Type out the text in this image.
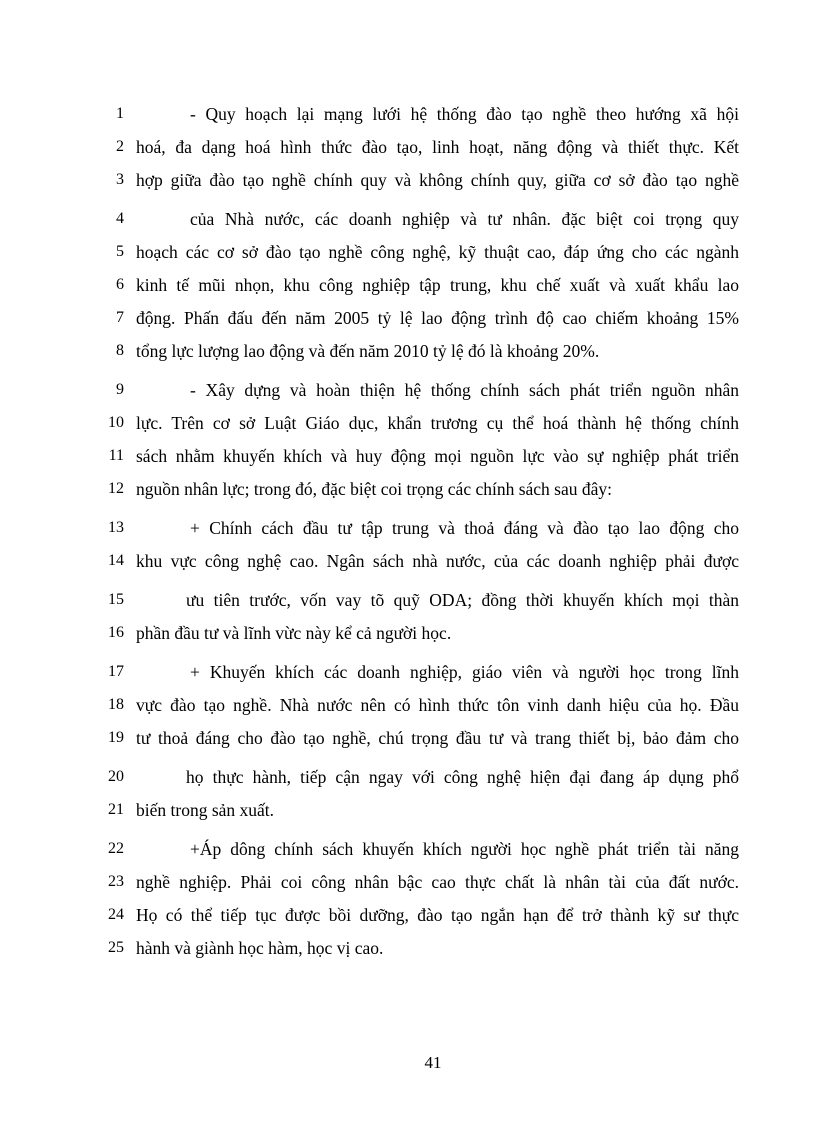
1	- Quy hoạch lại mạng lưới hệ thống đào tạo nghề theo hướng xã hội
2 hoá, đa dạng hoá hình thức đào tạo, linh hoạt, năng động và thiết thực. Kết
3 hợp giữa đào tạo nghề chính quy và không chính quy, giữa cơ sở đào tạo nghề
4	của Nhà nước, các doanh nghiệp và tư nhân. đặc biệt coi trọng quy
5 hoạch các cơ sở đào tạo nghề công nghệ, kỹ thuật cao, đáp ứng cho các ngành
6 kinh tế mũi nhọn, khu công nghiệp tập trung, khu chế xuất và xuất khẩu lao
7 động. Phấn đấu đến năm 2005 tỷ lệ lao động trình độ cao chiếm khoảng 15%
8 tổng lực lượng lao động và đến năm 2010 tỷ lệ đó là khoảng 20%.
9	- Xây dựng và hoàn thiện hệ thống chính sách phát triển nguồn nhân
10 lực. Trên cơ sở Luật Giáo dục, khẩn trương cụ thể hoá thành hệ thống chính
11 sách nhằm khuyến khích và huy động mọi nguồn lực vào sự nghiệp phát triển
12 nguồn nhân lực; trong đó, đặc biệt coi trọng các chính sách sau đây:
13	+ Chính cách đầu tư tập trung và thoả đáng và đào tạo lao động cho
14 khu vực công nghệ cao. Ngân sách nhà nước, của các doanh nghiệp phải được
15	ưu tiên trước, vốn vay tõ quỹ ODA; đồng thời khuyến khích mọi thàn
16 phần đầu tư và lĩnh vừc này kể cả người học.
17	+ Khuyến khích các doanh nghiệp, giáo viên và người học trong lĩnh
18 vực đào tạo nghề. Nhà nước nên có hình thức tôn vinh danh hiệu của họ. Đầu
19 tư thoả đáng cho đào tạo nghề, chú trọng đầu tư và trang thiết bị, bảo đảm cho
20	họ thực hành, tiếp cận ngay với công nghệ hiện đại đang áp dụng phổ
21 biến trong sản xuất.
22	+Áp dông chính sách khuyến khích người học nghề phát triển tài năng
23 nghề nghiệp. Phải coi công nhân bậc cao thực chất là nhân tài của đất nước.
24 Họ có thể tiếp tục được bồi dưỡng, đào tạo ngắn hạn để trở thành kỹ sư thực
25 hành và giành học hàm, học vị cao.
41
